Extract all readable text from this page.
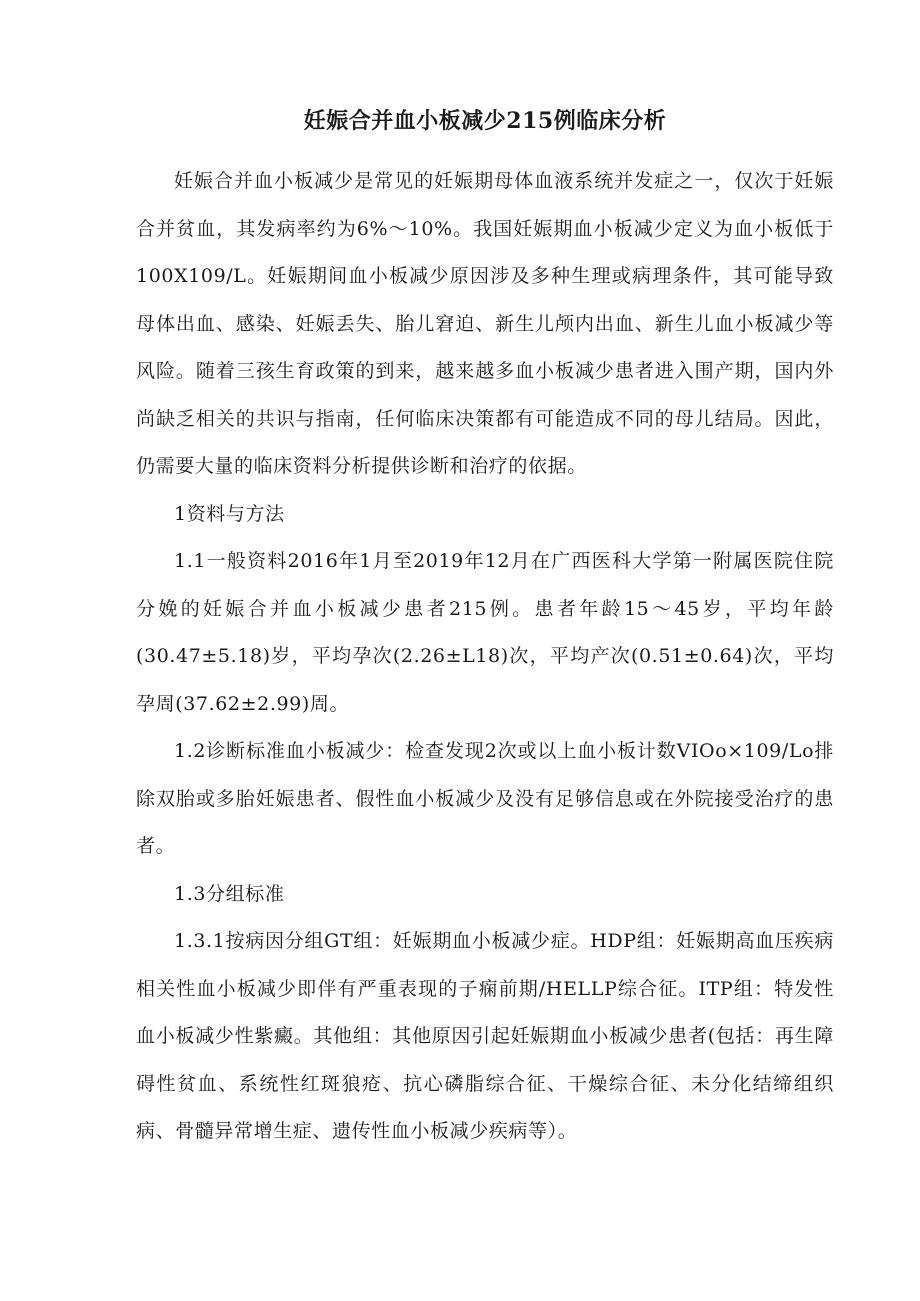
妊娠合并血小板减少215例临床分析

妊娠合并血小板减少是常见的妊娠期母体血液系统并发症之一，仅次于妊娠合并贫血，其发病率约为6%〜10%。我国妊娠期血小板减少定义为血小板低于100X109/L。妊娠期间血小板减少原因涉及多种生理或病理条件，其可能导致母体出血、感染、妊娠丢失、胎儿窘迫、新生儿颅内出血、新生儿血小板减少等风险。随着三孩生育政策的到来，越来越多血小板减少患者进入围产期，国内外尚缺乏相关的共识与指南，任何临床决策都有可能造成不同的母儿结局。因此，仍需要大量的临床资料分析提供诊断和治疗的依据。

1资料与方法

1.1一般资料2016年1月至2019年12月在广西医科大学第一附属医院住院分娩的妊娠合并血小板减少患者215例。患者年龄15〜45岁，平均年龄(30.47±5.18)岁，平均孕次(2.26±L18)次，平均产次(0.51±0.64)次，平均孕周(37.62±2.99)周。

1.2诊断标准血小板减少：检查发现2次或以上血小板计数VIOo×109∕Lo排除双胎或多胎妊娠患者、假性血小板减少及没有足够信息或在外院接受治疗的患者。

1.3分组标准

1.3.1按病因分组GT组：妊娠期血小板减少症。HDP组：妊娠期高血压疾病相关性血小板减少即伴有严重表现的子痫前期/HELLP综合征。ITP组：特发性血小板减少性紫癜。其他组：其他原因引起妊娠期血小板减少患者(包括：再生障碍性贫血、系统性红斑狼疮、抗心磷脂综合征、干燥综合征、未分化结缔组织病、骨髓异常增生症、遗传性血小板减少疾病等）。
